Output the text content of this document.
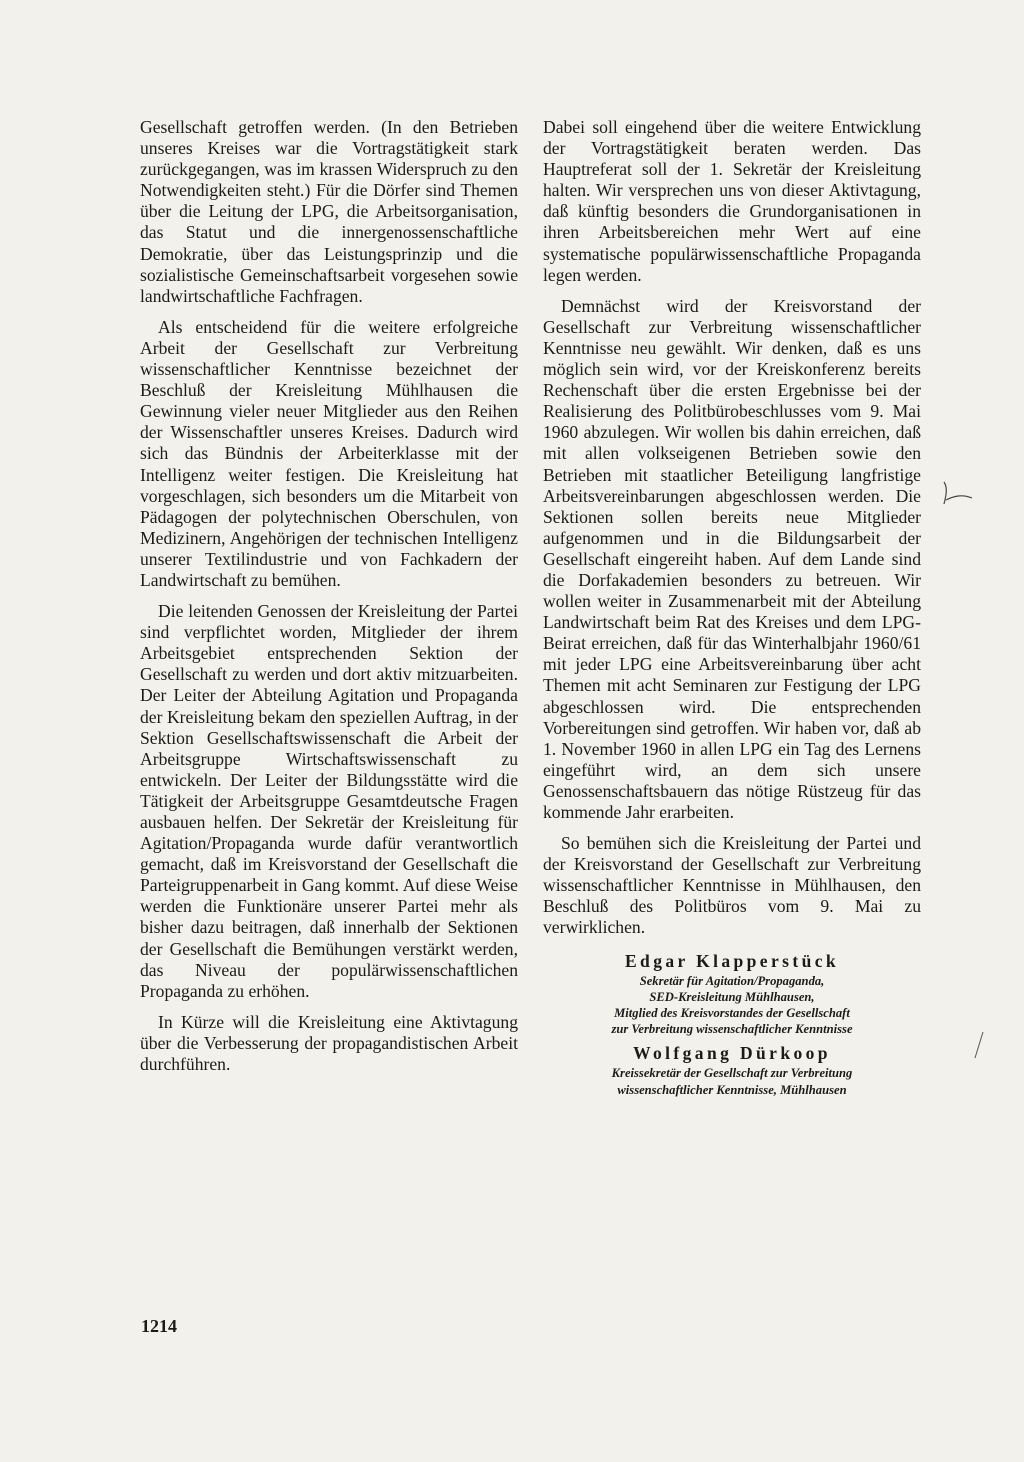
Gesellschaft getroffen werden. (In den Betrieben unseres Kreises war die Vortragstätigkeit stark zurückgegangen, was im krassen Widerspruch zu den Notwendigkeiten steht.) Für die Dörfer sind Themen über die Leitung der LPG, die Arbeitsorganisation, das Statut und die innergenossenschaftliche Demokratie, über das Leistungsprinzip und die sozialistische Gemeinschaftsarbeit vorgesehen sowie landwirtschaftliche Fachfragen.

Als entscheidend für die weitere erfolgreiche Arbeit der Gesellschaft zur Verbreitung wissenschaftlicher Kenntnisse bezeichnet der Beschluß der Kreisleitung Mühlhausen die Gewinnung vieler neuer Mitglieder aus den Reihen der Wissenschaftler unseres Kreises. Dadurch wird sich das Bündnis der Arbeiterklasse mit der Intelligenz weiter festigen. Die Kreisleitung hat vorgeschlagen, sich besonders um die Mitarbeit von Pädagogen der polytechnischen Oberschulen, von Medizinern, Angehörigen der technischen Intelligenz unserer Textilindustrie und von Fachkadern der Landwirtschaft zu bemühen.

Die leitenden Genossen der Kreisleitung der Partei sind verpflichtet worden, Mitglieder der ihrem Arbeitsgebiet entsprechenden Sektion der Gesellschaft zu werden und dort aktiv mitzuarbeiten. Der Leiter der Abteilung Agitation und Propaganda der Kreisleitung bekam den speziellen Auftrag, in der Sektion Gesellschaftswissenschaft die Arbeit der Arbeitsgruppe Wirtschaftswissenschaft zu entwickeln. Der Leiter der Bildungsstätte wird die Tätigkeit der Arbeitsgruppe Gesamtdeutsche Fragen ausbauen helfen. Der Sekretär der Kreisleitung für Agitation/Propaganda wurde dafür verantwortlich gemacht, daß im Kreisvorstand der Gesellschaft die Parteigruppenarbeit in Gang kommt. Auf diese Weise werden die Funktionäre unserer Partei mehr als bisher dazu beitragen, daß innerhalb der Sektionen der Gesellschaft die Bemühungen verstärkt werden, das Niveau der populärwissenschaftlichen Propaganda zu erhöhen.

In Kürze will die Kreisleitung eine Aktivtagung über die Verbesserung der propagandistischen Arbeit durchführen.

Dabei soll eingehend über die weitere Entwicklung der Vortragstätigkeit beraten werden. Das Hauptreferat soll der 1. Sekretär der Kreisleitung halten. Wir versprechen uns von dieser Aktivtagung, daß künftig besonders die Grundorganisationen in ihren Arbeitsbereichen mehr Wert auf eine systematische populärwissenschaftliche Propaganda legen werden.

Demnächst wird der Kreisvorstand der Gesellschaft zur Verbreitung wissenschaftlicher Kenntnisse neu gewählt. Wir denken, daß es uns möglich sein wird, vor der Kreiskonferenz bereits Rechenschaft über die ersten Ergebnisse bei der Realisierung des Politbürobeschlusses vom 9. Mai 1960 abzulegen. Wir wollen bis dahin erreichen, daß mit allen volkseigenen Betrieben sowie den Betrieben mit staatlicher Beteiligung langfristige Arbeitsvereinbarungen abgeschlossen werden. Die Sektionen sollen bereits neue Mitglieder aufgenommen und in die Bildungsarbeit der Gesellschaft eingereiht haben. Auf dem Lande sind die Dorfakademien besonders zu betreuen. Wir wollen weiter in Zusammenarbeit mit der Abteilung Landwirtschaft beim Rat des Kreises und dem LPG-Beirat erreichen, daß für das Winterhalbjahr 1960/61 mit jeder LPG eine Arbeitsvereinbarung über acht Themen mit acht Seminaren zur Festigung der LPG abgeschlossen wird. Die entsprechenden Vorbereitungen sind getroffen. Wir haben vor, daß ab 1. November 1960 in allen LPG ein Tag des Lernens eingeführt wird, an dem sich unsere Genossenschaftsbauern das nötige Rüstzeug für das kommende Jahr erarbeiten.

So bemühen sich die Kreisleitung der Partei und der Kreisvorstand der Gesellschaft zur Verbreitung wissenschaftlicher Kenntnisse in Mühlhausen, den Beschluß des Politbüros vom 9. Mai zu verwirklichen.

Edgar Klapperstück
Sekretär für Agitation/Propaganda,
SED-Kreisleitung Mühlhausen,
Mitglied des Kreisvorstandes der Gesellschaft
zur Verbreitung wissenschaftlicher Kenntnisse
Wolfgang Dürkoop
Kreissekretär der Gesellschaft zur Verbreitung
wissenschaftlicher Kenntnisse, Mühlhausen
1214
